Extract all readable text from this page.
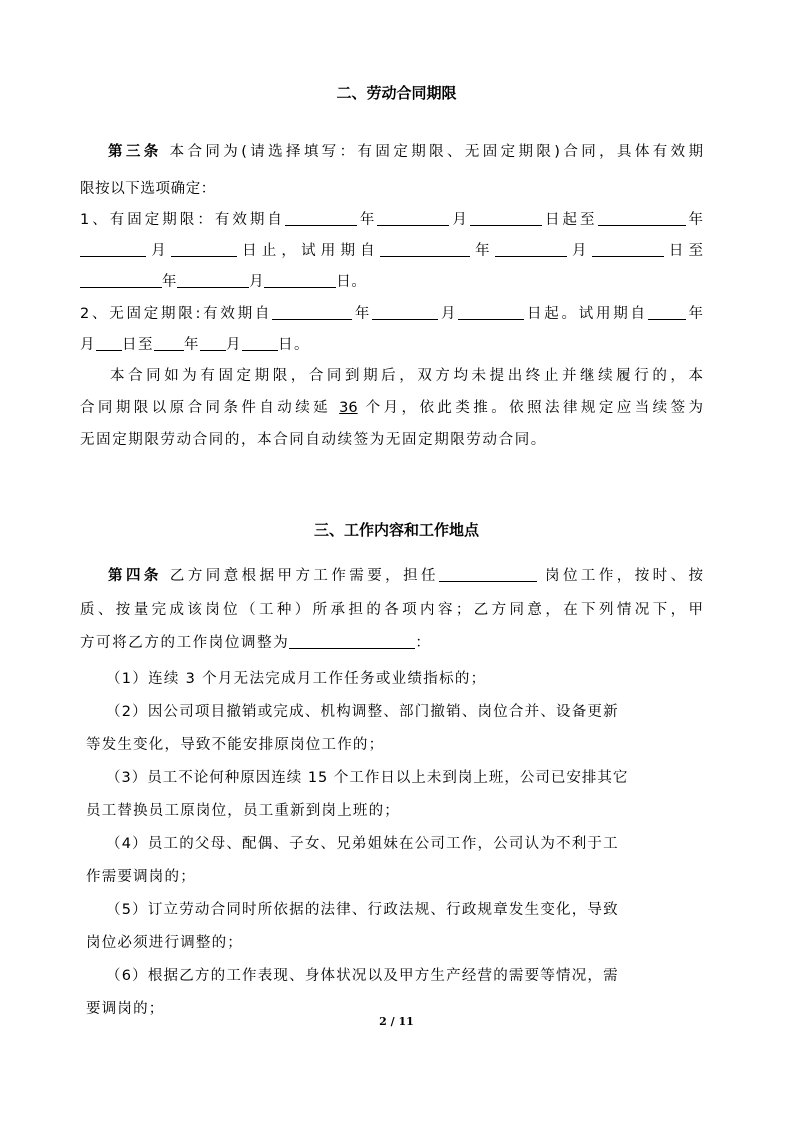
二、劳动合同期限
第三条 本合同为(请选择填写：有固定期限、无固定期限)合同，具体有效期
限按以下选项确定：
1、有固定期限：有效期自	年	月	日起至	年
月	日止，试用期自	年	月	日至
年	月	日。
2、无固定期限:有效期自	年	月	日起。试用期自	年
月 日至 年 月 日。
本合同如为有固定期限，合同到期后，双方均未提出终止并继续履行的，本
合同期限以原合同条件自动续延 36 个月，依此类推。依照法律规定应当续签为
无固定期限劳动合同的，本合同自动续签为无固定期限劳动合同。
三、工作内容和工作地点
第四条 乙方同意根据甲方工作需要，担任	岗位工作，按时、按
质、按量完成该岗位（工种）所承担的各项内容；乙方同意，在下列情况下，甲
方可将乙方的工作岗位调整为	：
（1）连续 3 个月无法完成月工作任务或业绩指标的；
（2）因公司项目撤销或完成、机构调整、部门撤销、岗位合并、设备更新
等发生变化，导致不能安排原岗位工作的；
（3）员工不论何种原因连续 15 个工作日以上未到岗上班，公司已安排其它
员工替换员工原岗位，员工重新到岗上班的；
（4）员工的父母、配偶、子女、兄弟姐妹在公司工作，公司认为不利于工
作需要调岗的；
（5）订立劳动合同时所依据的法律、行政法规、行政规章发生变化，导致
岗位必须进行调整的；
（6）根据乙方的工作表现、身体状况以及甲方生产经营的需要等情况，需
要调岗的；
2 / 11
